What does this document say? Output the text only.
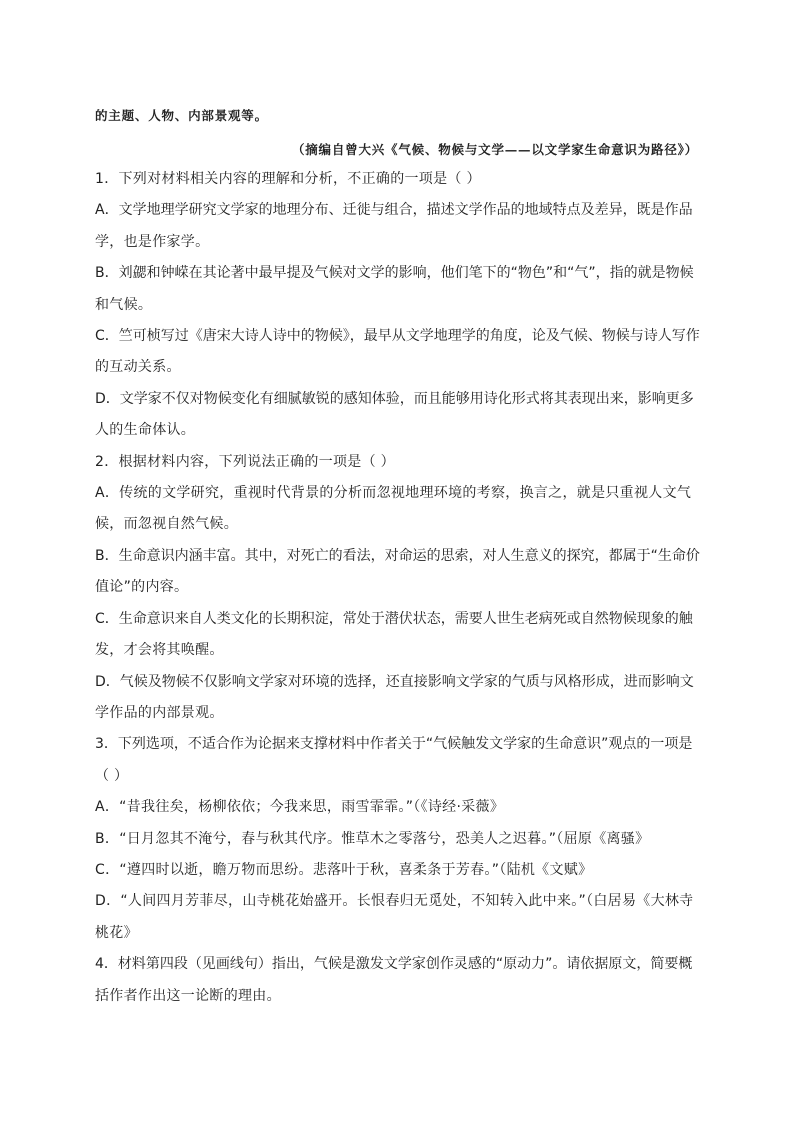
的主题、人物、内部景观等。
（摘编自曾大兴《气候、物候与文学——以文学家生命意识为路径》）
1．下列对材料相关内容的理解和分析，不正确的一项是（ ）
A．文学地理学研究文学家的地理分布、迁徙与组合，描述文学作品的地域特点及差异，既是作品
学，也是作家学。
B．刘勰和钟嵘在其论著中最早提及气候对文学的影响，他们笔下的“物色”和“气”，指的就是物候
和气候。
C．竺可桢写过《唐宋大诗人诗中的物候》，最早从文学地理学的角度，论及气候、物候与诗人写作
的互动关系。
D．文学家不仅对物候变化有细腻敏锐的感知体验，而且能够用诗化形式将其表现出来，影响更多
人的生命体认。
2．根据材料内容，下列说法正确的一项是（ ）
A．传统的文学研究，重视时代背景的分析而忽视地理环境的考察，换言之，就是只重视人文气
候，而忽视自然气候。
B．生命意识内涵丰富。其中，对死亡的看法，对命运的思索，对人生意义的探究，都属于“生命价
值论”的内容。
C．生命意识来自人类文化的长期积淀，常处于潜伏状态，需要人世生老病死或自然物候现象的触
发，才会将其唤醒。
D．气候及物候不仅影响文学家对环境的选择，还直接影响文学家的气质与风格形成，进而影响文
学作品的内部景观。
3．下列选项，不适合作为论据来支撑材料中作者关于“气候触发文学家的生命意识”观点的一项是
（ ）
A．“昔我往矣，杨柳依依；今我来思，雨雪霏霏。”（《诗经·采薇》
B．“日月忽其不淹兮，春与秋其代序。惟草木之零落兮，恐美人之迟暮。”（屈原《离骚》
C．“遵四时以逝，瞻万物而思纷。悲落叶于秋，喜柔条于芳春。”（陆机《文赋》
D．“人间四月芳菲尽，山寺桃花始盛开。长恨春归无觅处，不知转入此中来。”（白居易《大林寺
桃花》
4．材料第四段（见画线句）指出，气候是激发文学家创作灵感的“原动力”。请依据原文，简要概
括作者作出这一论断的理由。
